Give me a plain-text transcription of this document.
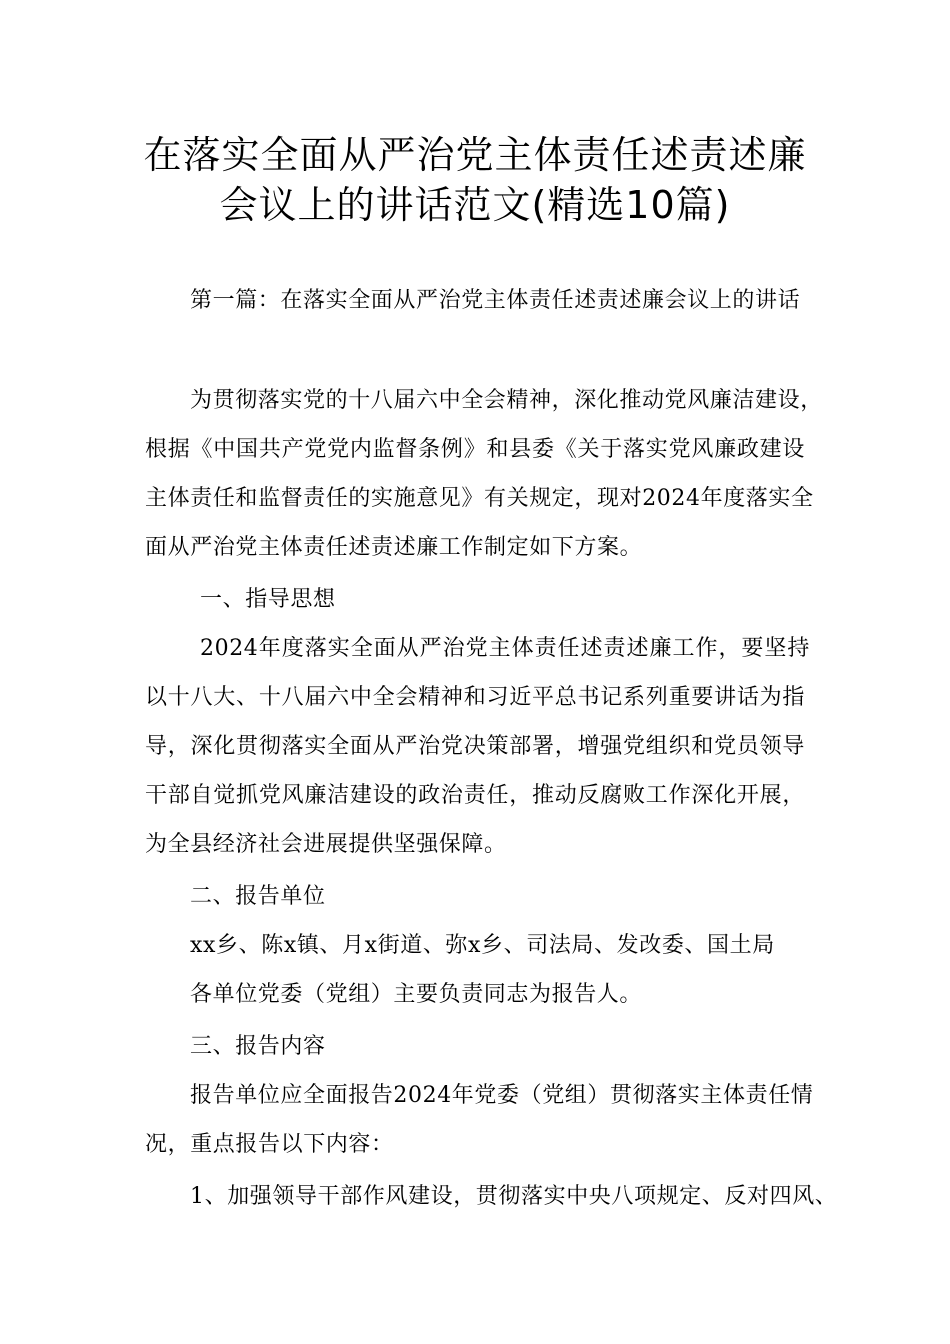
在落实全面从严治党主体责任述责述廉
会议上的讲话范文(精选10篇)
第一篇：在落实全面从严治党主体责任述责述廉会议上的讲话
为贯彻落实党的十八届六中全会精神，深化推动党风廉洁建设，
根据《中国共产党党内监督条例》和县委《关于落实党风廉政建设
主体责任和监督责任的实施意见》有关规定，现对2024年度落实全
面从严治党主体责任述责述廉工作制定如下方案。
一、指导思想
2024年度落实全面从严治党主体责任述责述廉工作，要坚持
以十八大、十八届六中全会精神和习近平总书记系列重要讲话为指
导，深化贯彻落实全面从严治党决策部署，增强党组织和党员领导
干部自觉抓党风廉洁建设的政治责任，推动反腐败工作深化开展，
为全县经济社会进展提供坚强保障。
二、报告单位
xx乡、陈x镇、月x街道、弥x乡、司法局、发改委、国土局
各单位党委（党组）主要负责同志为报告人。
三、报告内容
报告单位应全面报告2024年党委（党组）贯彻落实主体责任情
况，重点报告以下内容：
1、加强领导干部作风建设，贯彻落实中央八项规定、反对四风、
